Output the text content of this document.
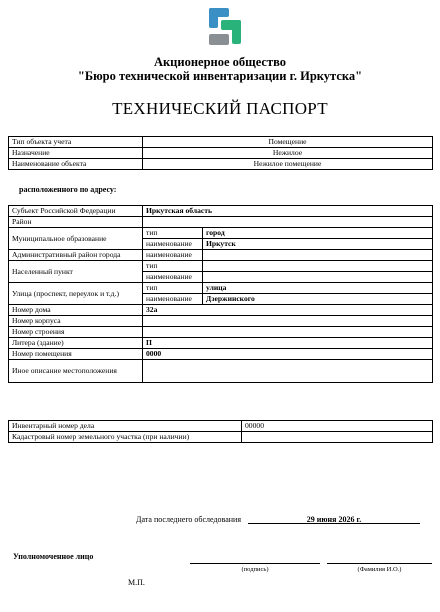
Акционерное общество
"Бюро технической инвентаризации г. Иркутска"
ТЕХНИЧЕСКИЙ ПАСПОРТ
Тип объекта учета	Помещение
Назначение	Нежилое
Наименование объекта	Нежилое помещение
расположенного по адресу:
Субъект Российской Федерации	Иркутская область	
Район		
Муниципальное образование	тип	город
	наименование	Иркутск
Административный район города	наименование	
Населенный пункт	тип	
	наименование	
Улица (проспект, переулок и т.д.)	тип	улица
	наименование	Дзержинского
Номер дома	32а	
Номер корпуса		
Номер строения		
Литера (здание)	П	
Номер помещения	0000	
Иное описание местоположения		
Инвентарный номер дела	00000
Кадастровый номер земельного участка (при наличии)	
Дата последнего обследования	29 июня 2026 г.
Уполномоченное лицо
(подпись)	(Фамилия И.О.)
М.П.
